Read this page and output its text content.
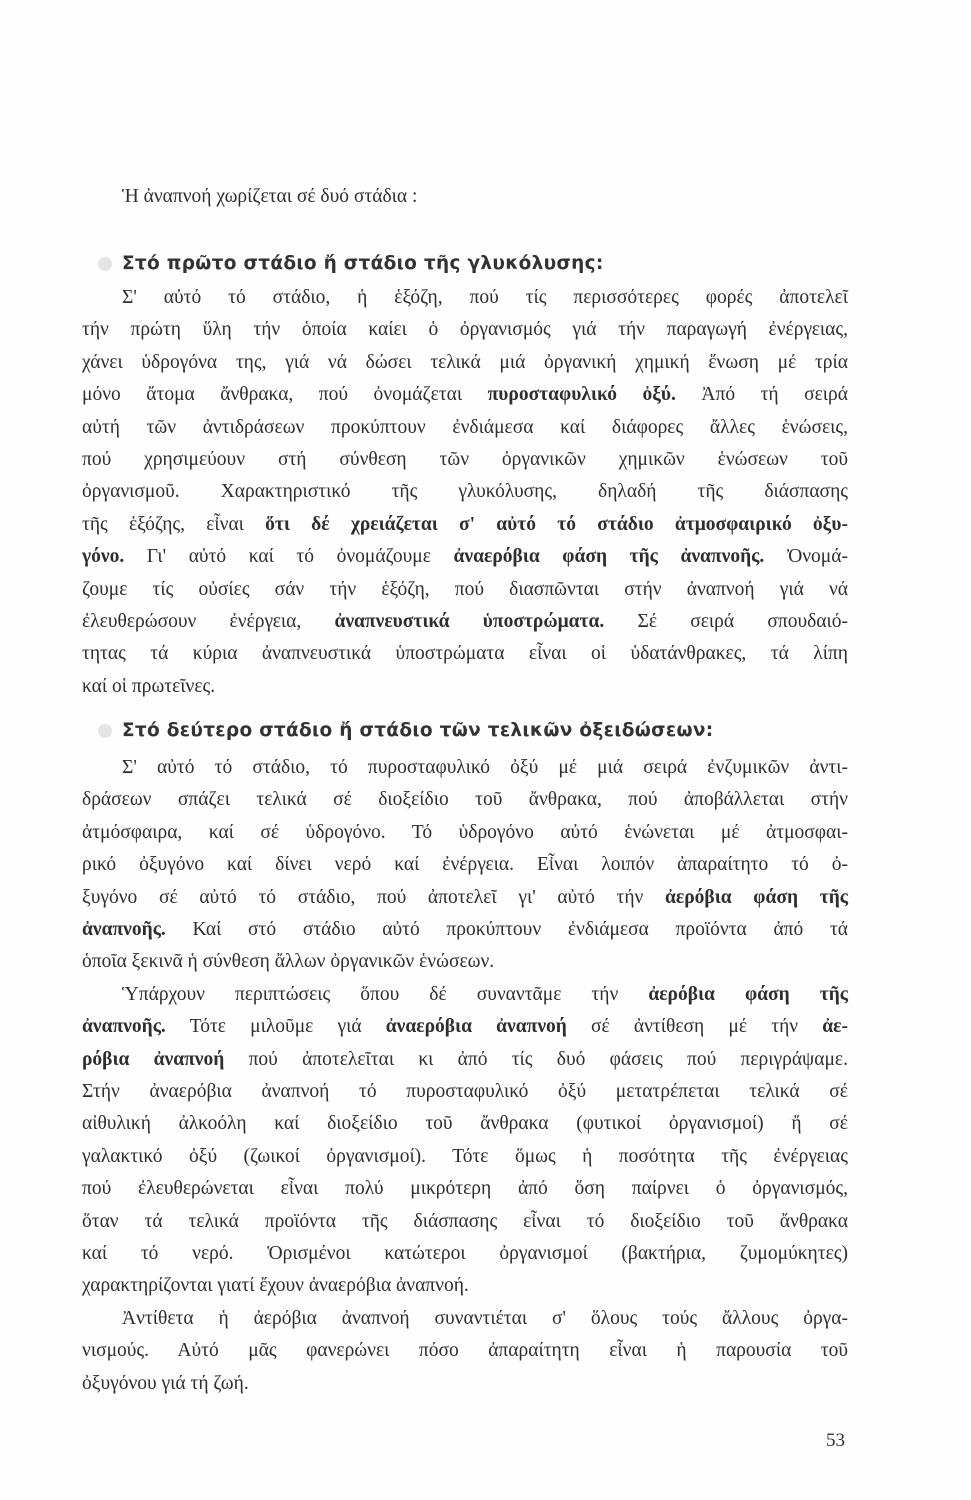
Ἡ ἀναπνοή χωρίζεται σέ δυό στάδια :
53
Στό πρῶτο στάδιο ἤ στάδιο τῆς γλυκόλυσης:
Σ' αὐτό τό στάδιο, ἡ ἑξόζη, πού τίς περισσότερες φορές ἀποτελεῖ
τήν πρώτη ὕλη τήν ὁποία καίει ὁ ὀργανισμός γιά τήν παραγωγή ἐνέργειας,
χάνει ὑδρογόνα της, γιά νά δώσει τελικά μιά ὀργανική χημική ἕνωση μέ τρία
μόνο ἄτομα ἄνθρακα, πού ὀνομάζεται πυροσταφυλικό ὀξύ. Ἀπό τή σειρά
αὐτή τῶν ἀντιδράσεων προκύπτουν ἐνδιάμεσα καί διάφορες ἄλλες ἑνώσεις,
πού χρησιμεύουν στή σύνθεση τῶν ὀργανικῶν χημικῶν ἑνώσεων τοῦ
ὀργανισμοῦ. Χαρακτηριστικό τῆς γλυκόλυσης, δηλαδή τῆς διάσπασης
τῆς ἑξόζης, εἶναι ὅτι δέ χρειάζεται σ' αὐτό τό στάδιο ἀτμοσφαιρικό ὀξυ-
γόνο. Γι' αὐτό καί τό ὀνομάζουμε ἀναερόβια φάση τῆς ἀναπνοῆς. Ὀνομά-
ζουμε τίς οὐσίες σάν τήν ἑξόζη, πού διασπῶνται στήν ἀναπνοή γιά νά
ἐλευθερώσουν ἐνέργεια, ἀναπνευστικά ὑποστρώματα. Σέ σειρά σπουδαιό-
τητας τά κύρια ἀναπνευστικά ὑποστρώματα εἶναι οἱ ὑδατάνθρακες, τά λίπη
καί οἱ πρωτεῖνες.
Στό δεύτερο στάδιο ἤ στάδιο τῶν τελικῶν ὀξειδώσεων:
Σ' αὐτό τό στάδιο, τό πυροσταφυλικό ὀξύ μέ μιά σειρά ἐνζυμικῶν ἀντι-
δράσεων σπάζει τελικά σέ διοξείδιο τοῦ ἄνθρακα, πού ἀποβάλλεται στήν
ἀτμόσφαιρα, καί σέ ὑδρογόνο. Τό ὑδρογόνο αὐτό ἑνώνεται μέ ἀτμοσφαι-
ρικό ὀξυγόνο καί δίνει νερό καί ἐνέργεια. Εἶναι λοιπόν ἀπαραίτητο τό ὀ-
ξυγόνο σέ αὐτό τό στάδιο, πού ἀποτελεῖ γι' αὐτό τήν ἀερόβια φάση τῆς
ἀναπνοῆς. Καί στό στάδιο αὐτό προκύπτουν ἐνδιάμεσα προϊόντα ἀπό τά
ὁποῖα ξεκινᾶ ἡ σύνθεση ἄλλων ὀργανικῶν ἑνώσεων.
Ὑπάρχουν περιπτώσεις ὅπου δέ συναντᾶμε τήν ἀερόβια φάση τῆς
ἀναπνοῆς. Τότε μιλοῦμε γιά ἀναερόβια ἀναπνοή σέ ἀντίθεση μέ τήν ἀε-
ρόβια ἀναπνοή πού ἀποτελεῖται κι ἀπό τίς δυό φάσεις πού περιγράψαμε.
Στήν ἀναερόβια ἀναπνοή τό πυροσταφυλικό ὀξύ μετατρέπεται τελικά σέ
αἰθυλική ἀλκοόλη καί διοξείδιο τοῦ ἄνθρακα (φυτικοί ὀργανισμοί) ἤ σέ
γαλακτικό ὀξύ (ζωικοί ὀργανισμοί). Τότε ὅμως ἡ ποσότητα τῆς ἐνέργειας
πού ἐλευθερώνεται εἶναι πολύ μικρότερη ἀπό ὅση παίρνει ὁ ὀργανισμός,
ὅταν τά τελικά προϊόντα τῆς διάσπασης εἶναι τό διοξείδιο τοῦ ἄνθρακα
καί τό νερό. Ὁρισμένοι κατώτεροι ὀργανισμοί (βακτήρια, ζυμομύκητες)
χαρακτηρίζονται γιατί ἔχουν ἀναερόβια ἀναπνοή.
Ἀντίθετα ἡ ἀερόβια ἀναπνοή συναντιέται σ' ὅλους τούς ἄλλους ὀργα-
νισμούς. Αὐτό μᾶς φανερώνει πόσο ἀπαραίτητη εἶναι ἡ παρουσία τοῦ
ὀξυγόνου γιά τή ζωή.
